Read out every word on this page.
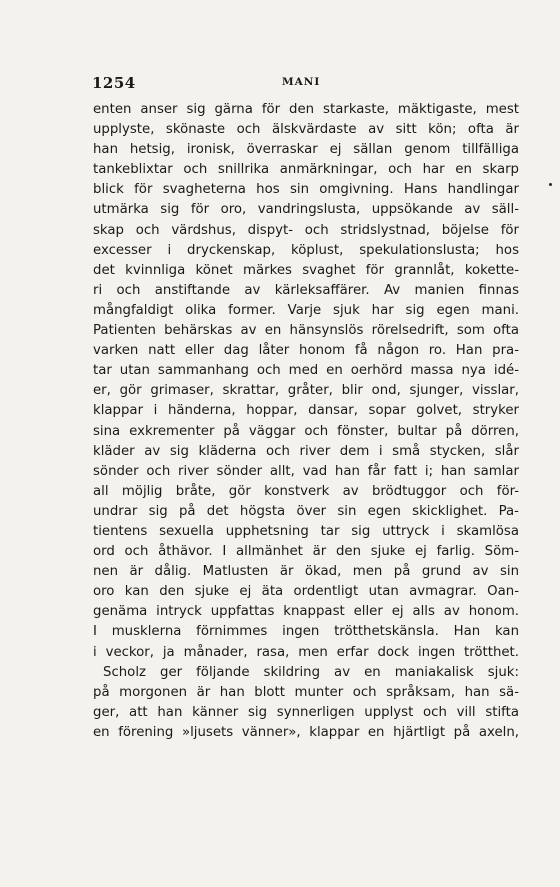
1254	MANI
enten anser sig gärna för den starkaste, mäktigaste, mest
upplyste, skönaste och älskvärdaste av sitt kön; ofta är
han hetsig, ironisk, överraskar ej sällan genom tillfälliga
tankeblixtar och snillrika anmärkningar, och har en skarp
blick för svagheterna hos sin omgivning. Hans handlingar
utmärka sig för oro, vandringslusta, uppsökande av säll-
skap och värdshus, dispyt- och stridslystnad, böjelse för
excesser i dryckenskap, köplust, spekulationslusta; hos
det kvinnliga könet märkes svaghet för grannlåt, kokette-
ri och anstiftande av kärleksaffärer. Av manien finnas
mångfaldigt olika former. Varje sjuk har sig egen mani.
Patienten behärskas av en hänsynslös rörelsedrift, som ofta
varken natt eller dag låter honom få någon ro. Han pra-
tar utan sammanhang och med en oerhörd massa nya idé-
er, gör grimaser, skrattar, gråter, blir ond, sjunger, visslar,
klappar i händerna, hoppar, dansar, sopar golvet, stryker
sina exkrementer på väggar och fönster, bultar på dörren,
kläder av sig kläderna och river dem i små stycken, slår
sönder och river sönder allt, vad han får fatt i; han samlar
all möjlig bråte, gör konstverk av brödtuggor och för-
undrar sig på det högsta över sin egen skicklighet. Pa-
tientens sexuella upphetsning tar sig uttryck i skamlösa
ord och åthävor. I allmänhet är den sjuke ej farlig. Söm-
nen är dålig. Matlusten är ökad, men på grund av sin
oro kan den sjuke ej äta ordentligt utan avmagrar. Oan-
genäma intryck uppfattas knappast eller ej alls av honom.
I musklerna förnimmes ingen trötthetskänsla. Han kan
i veckor, ja månader, rasa, men erfar dock ingen trötthet.
Scholz ger följande skildring av en maniakalisk sjuk:
på morgonen är han blott munter och språksam, han sä-
ger, att han känner sig synnerligen upplyst och vill stifta
en förening »ljusets vänner», klappar en hjärtligt på axeln,
